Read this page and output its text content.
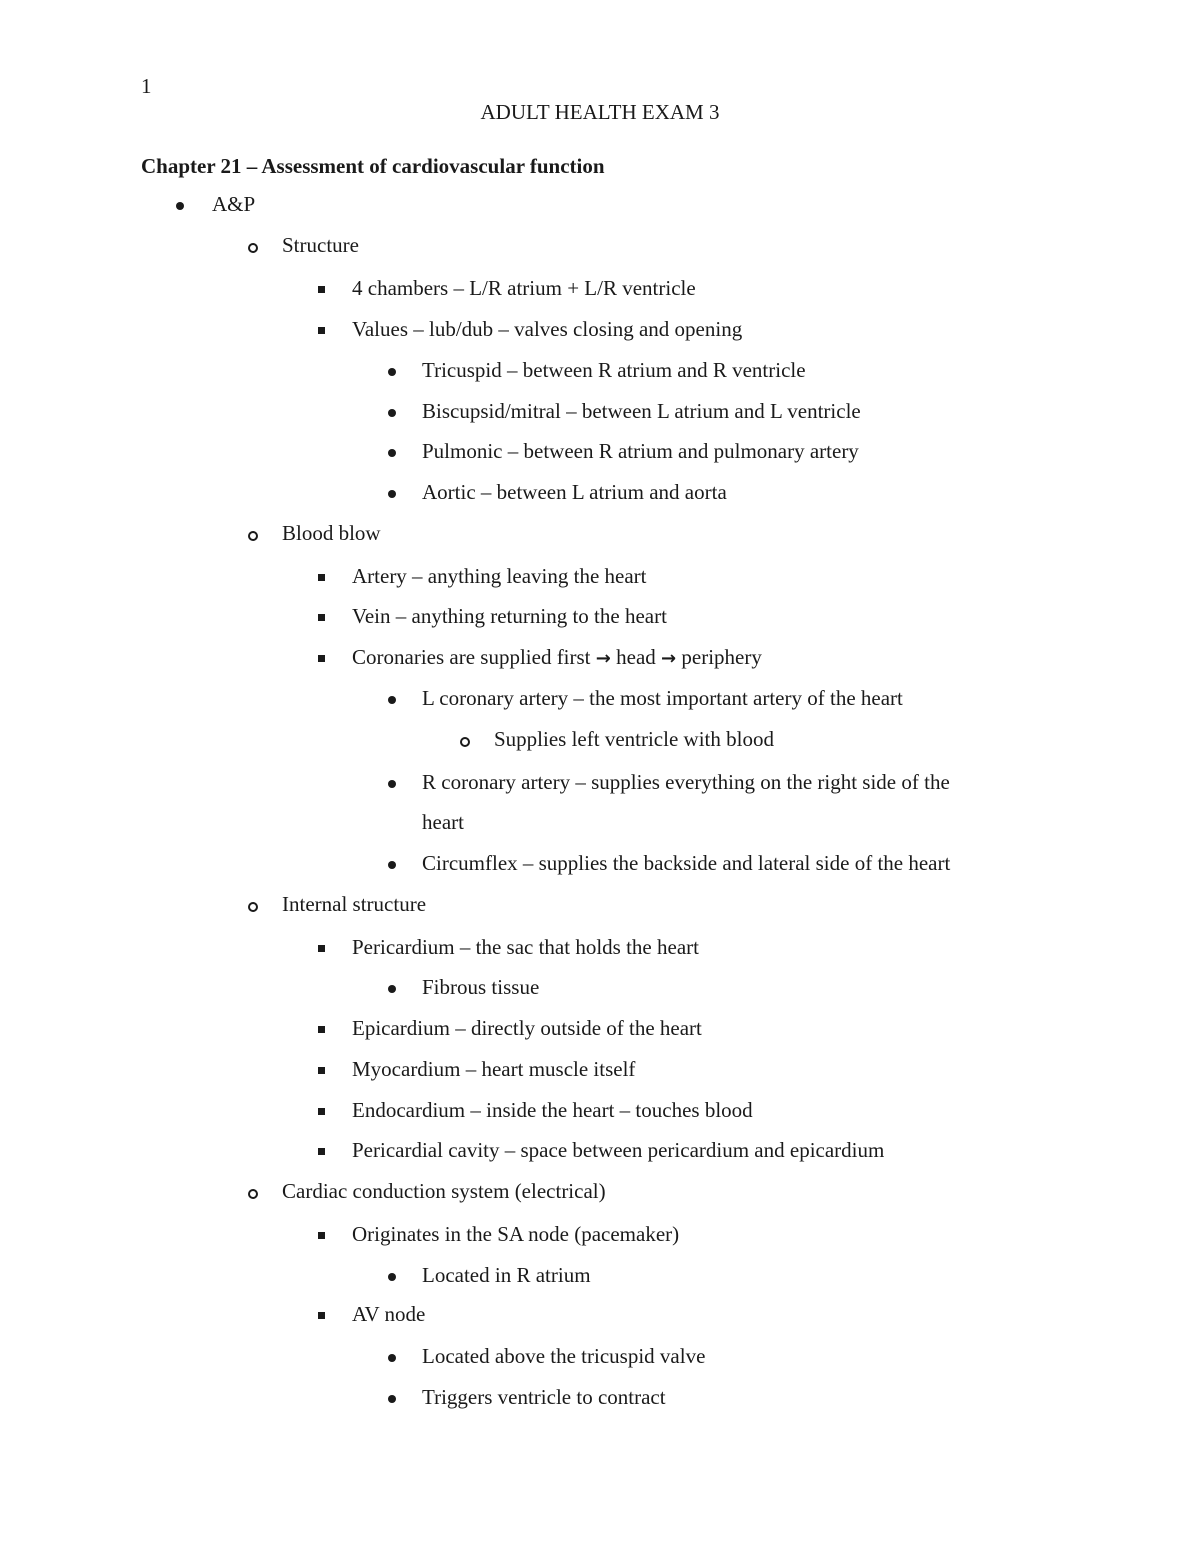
1
ADULT HEALTH EXAM 3
Chapter 21 – Assessment of cardiovascular function
A&P
Structure
4 chambers – L/R atrium + L/R ventricle
Values – lub/dub – valves closing and opening
Tricuspid – between R atrium and R ventricle
Biscupsid/mitral – between L atrium and L ventricle
Pulmonic – between R atrium and pulmonary artery
Aortic – between L atrium and aorta
Blood blow
Artery – anything leaving the heart
Vein – anything returning to the heart
Coronaries are supplied first → head → periphery
L coronary artery – the most important artery of the heart
Supplies left ventricle with blood
R coronary artery – supplies everything on the right side of the
heart
Circumflex – supplies the backside and lateral side of the heart
Internal structure
Pericardium – the sac that holds the heart
Fibrous tissue
Epicardium – directly outside of the heart
Myocardium – heart muscle itself
Endocardium – inside the heart – touches blood
Pericardial cavity – space between pericardium and epicardium
Cardiac conduction system (electrical)
Originates in the SA node (pacemaker)
Located in R atrium
AV node
Located above the tricuspid valve
Triggers ventricle to contract
